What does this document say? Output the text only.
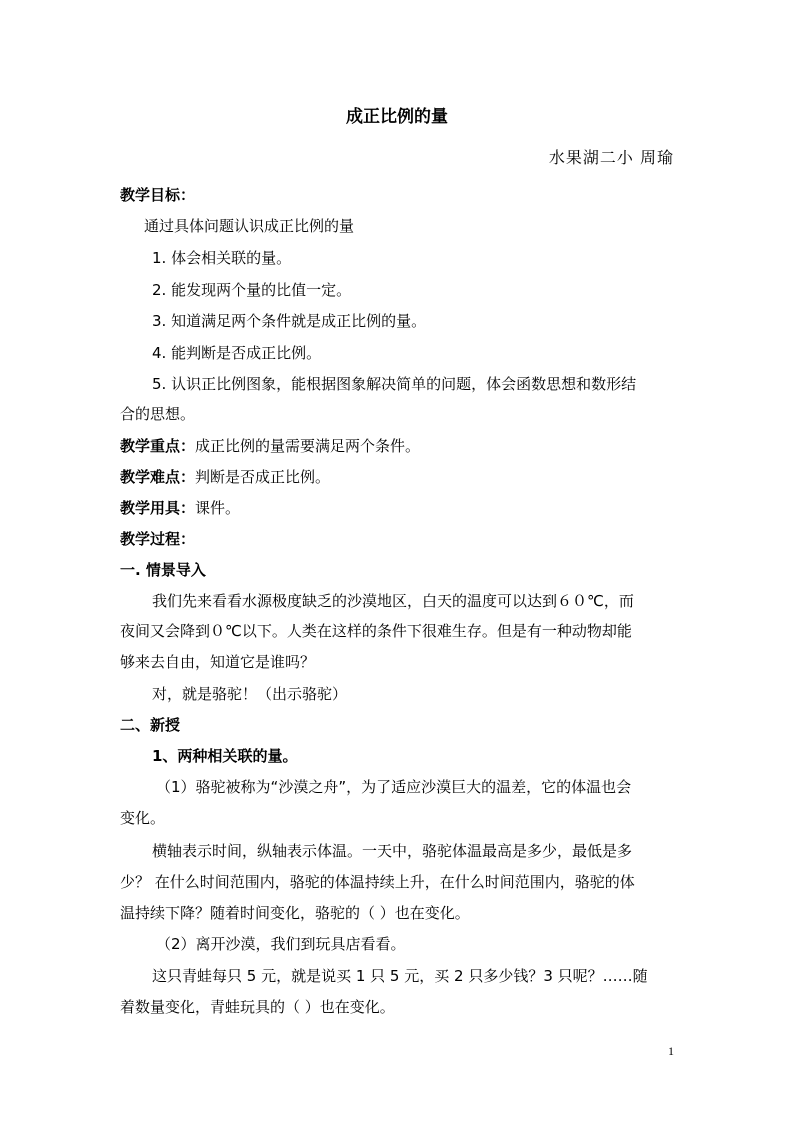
成正比例的量
水果湖二小 周瑜
教学目标：
通过具体问题认识成正比例的量
1. 体会相关联的量。
2. 能发现两个量的比值一定。
3. 知道满足两个条件就是成正比例的量。
4. 能判断是否成正比例。
5. 认识正比例图象，能根据图象解决简单的问题，体会函数思想和数形结
合的思想。
教学重点：成正比例的量需要满足两个条件。
教学难点：判断是否成正比例。
教学用具：课件。
教学过程：
一. 情景导入
我们先来看看水源极度缺乏的沙漠地区，白天的温度可以达到６０℃，而
夜间又会降到０℃以下。人类在这样的条件下很难生存。但是有一种动物却能
够来去自由，知道它是谁吗？
对，就是骆驼！（出示骆驼）
二、新授
1、两种相关联的量。
（1）骆驼被称为“沙漠之舟”，为了适应沙漠巨大的温差，它的体温也会
变化。
横轴表示时间，纵轴表示体温。一天中，骆驼体温最高是多少，最低是多
少？ 在什么时间范围内，骆驼的体温持续上升，在什么时间范围内，骆驼的体
温持续下降？随着时间变化，骆驼的（ ）也在变化。
（2）离开沙漠，我们到玩具店看看。
这只青蛙每只 5 元，就是说买 1 只 5 元，买 2 只多少钱？3 只呢？……随
着数量变化，青蛙玩具的（ ）也在变化。
1
